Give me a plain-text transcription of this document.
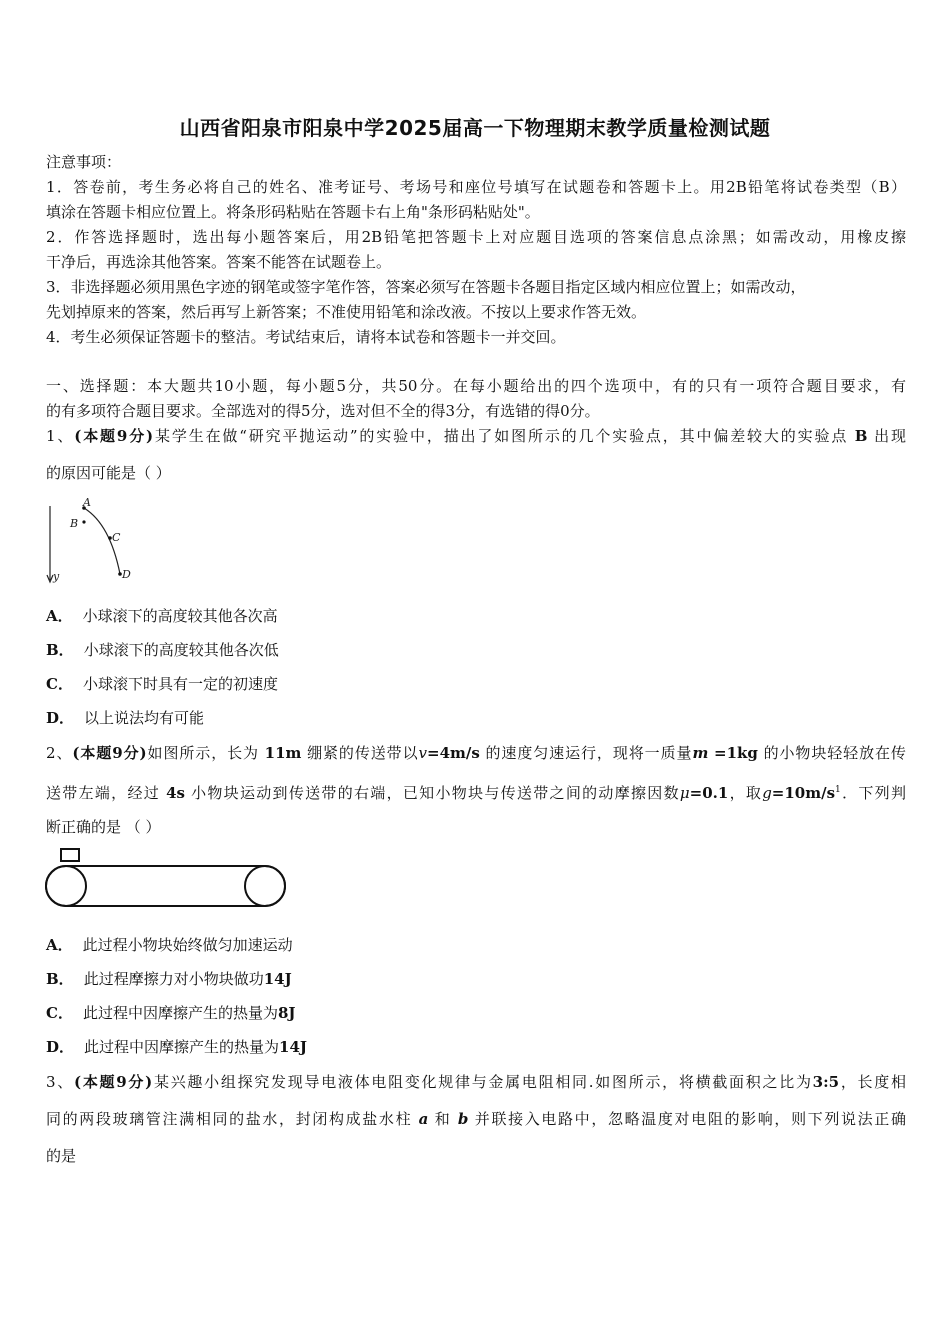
山西省阳泉市阳泉中学2025届高一下物理期末教学质量检测试题
注意事项：
1．答卷前，考生务必将自己的姓名、准考证号、考场号和座位号填写在试题卷和答题卡上。用2B铅笔将试卷类型（B）
填涂在答题卡相应位置上。将条形码粘贴在答题卡右上角"条形码粘贴处"。
2．作答选择题时，选出每小题答案后，用2B铅笔把答题卡上对应题目选项的答案信息点涂黑；如需改动，用橡皮擦
干净后，再选涂其他答案。答案不能答在试题卷上。
3．非选择题必须用黑色字迹的钢笔或签字笔作答，答案必须写在答题卡各题目指定区域内相应位置上；如需改动，
先划掉原来的答案，然后再写上新答案；不准使用铅笔和涂改液。不按以上要求作答无效。
4．考生必须保证答题卡的整洁。考试结束后，请将本试卷和答题卡一并交回。
一、选择题：本大题共10小题，每小题5分，共50分。在每小题给出的四个选项中，有的只有一项符合题目要求，有
的有多项符合题目要求。全部选对的得5分，选对但不全的得3分，有选错的得0分。
1、(本题9分)某学生在做“研究平抛运动”的实验中，描出了如图所示的几个实验点，其中偏差较大的实验点 B 出现
的原因可能是（ ）
y
A
B
C
D
A． 小球滚下的高度较其他各次高
B． 小球滚下的高度较其他各次低
C． 小球滚下时具有一定的初速度
D． 以上说法均有可能
2、(本题9分)如图所示，长为 11m 绷紧的传送带以v=4m/s 的速度匀速运行，现将一质量m =1kg 的小物块轻轻放在传
送带左端，经过 4s 小物块运动到传送带的右端，已知小物块与传送带之间的动摩擦因数μ=0.1，取$g=10m/s^1$．下列判
断正确的是 （ ）
A． 此过程小物块始终做匀加速运动
B． 此过程摩擦力对小物块做功14J
C． 此过程中因摩擦产生的热量为8J
D． 此过程中因摩擦产生的热量为14J
3、(本题9分)某兴趣小组探究发现导电液体电阻变化规律与金属电阻相同.如图所示，将横截面积之比为3:5，长度相
同的两段玻璃管注满相同的盐水，封闭构成盐水柱 a 和 b 并联接入电路中，忽略温度对电阻的影响，则下列说法正确
的是
